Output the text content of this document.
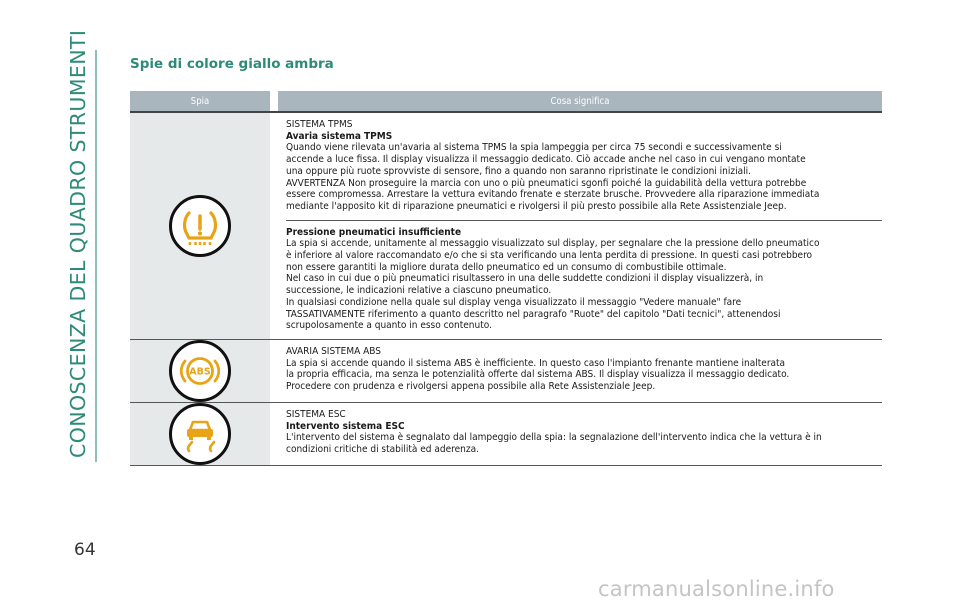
CONOSCENZA DEL QUADRO STRUMENTI
64
Spie di colore giallo ambra
Spia	Cosa significa
SISTEMA TPMS
Avaria sistema TPMS
Quando viene rilevata un'avaria al sistema TPMS la spia lampeggia per circa 75 secondi e successivamente si
accende a luce fissa. Il display visualizza il messaggio dedicato. Ciò accade anche nel caso in cui vengano montate
una oppure più ruote sprovviste di sensore, fino a quando non saranno ripristinate le condizioni iniziali.
AVVERTENZA Non proseguire la marcia con uno o più pneumatici sgonfi poiché la guidabilità della vettura potrebbe
essere compromessa. Arrestare la vettura evitando frenate e sterzate brusche. Provvedere alla riparazione immediata
mediante l'apposito kit di riparazione pneumatici e rivolgersi il più presto possibile alla Rete Assistenziale Jeep.
Pressione pneumatici insufficiente
La spia si accende, unitamente al messaggio visualizzato sul display, per segnalare che la pressione dello pneumatico
è inferiore al valore raccomandato e/o che si sta verificando una lenta perdita di pressione. In questi casi potrebbero
non essere garantiti la migliore durata dello pneumatico ed un consumo di combustibile ottimale.
Nel caso in cui due o più pneumatici risultassero in una delle suddette condizioni il display visualizzerà, in
successione, le indicazioni relative a ciascuno pneumatico.
In qualsiasi condizione nella quale sul display venga visualizzato il messaggio "Vedere manuale" fare
TASSATIVAMENTE riferimento a quanto descritto nel paragrafo "Ruote" del capitolo "Dati tecnici", attenendosi
scrupolosamente a quanto in esso contenuto.
ABS
AVARIA SISTEMA ABS
La spia si accende quando il sistema ABS è inefficiente. In questo caso l'impianto frenante mantiene inalterata
la propria efficacia, ma senza le potenzialità offerte dal sistema ABS. Il display visualizza il messaggio dedicato.
Procedere con prudenza e rivolgersi appena possibile alla Rete Assistenziale Jeep.
SISTEMA ESC
Intervento sistema ESC
L'intervento del sistema è segnalato dal lampeggio della spia: la segnalazione dell'intervento indica che la vettura è in
condizioni critiche di stabilità ed aderenza.
carmanualsonline.info
